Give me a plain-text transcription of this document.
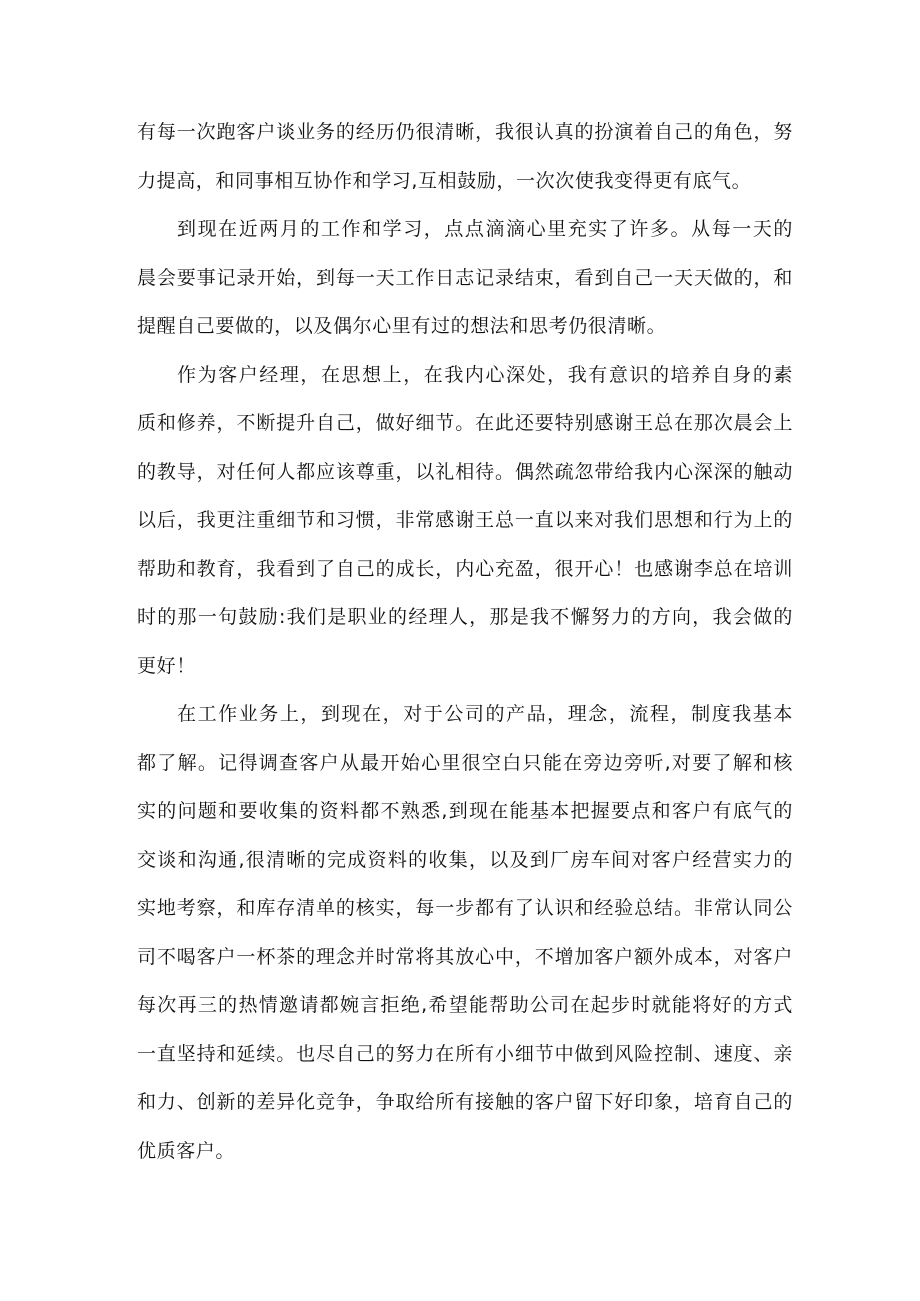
有每一次跑客户谈业务的经历仍很清晰，我很认真的扮演着自己的角色，努
力提高，和同事相互协作和学习,互相鼓励，一次次使我变得更有底气。
到现在近两月的工作和学习，点点滴滴心里充实了许多。从每一天的
晨会要事记录开始，到每一天工作日志记录结束，看到自己一天天做的，和
提醒自己要做的，以及偶尔心里有过的想法和思考仍很清晰。
作为客户经理，在思想上，在我内心深处，我有意识的培养自身的素
质和修养，不断提升自己，做好细节。在此还要特别感谢王总在那次晨会上
的教导，对任何人都应该尊重，以礼相待。偶然疏忽带给我内心深深的触动
以后，我更注重细节和习惯，非常感谢王总一直以来对我们思想和行为上的
帮助和教育，我看到了自己的成长，内心充盈，很开心！也感谢李总在培训
时的那一句鼓励:我们是职业的经理人，那是我不懈努力的方向，我会做的
更好！
在工作业务上，到现在，对于公司的产品，理念，流程，制度我基本
都了解。记得调查客户从最开始心里很空白只能在旁边旁听,对要了解和核
实的问题和要收集的资料都不熟悉,到现在能基本把握要点和客户有底气的
交谈和沟通,很清晰的完成资料的收集，以及到厂房车间对客户经营实力的
实地考察，和库存清单的核实，每一步都有了认识和经验总结。非常认同公
司不喝客户一杯茶的理念并时常将其放心中，不增加客户额外成本，对客户
每次再三的热情邀请都婉言拒绝,希望能帮助公司在起步时就能将好的方式
一直坚持和延续。也尽自己的努力在所有小细节中做到风险控制、速度、亲
和力、创新的差异化竞争，争取给所有接触的客户留下好印象，培育自己的
优质客户。
